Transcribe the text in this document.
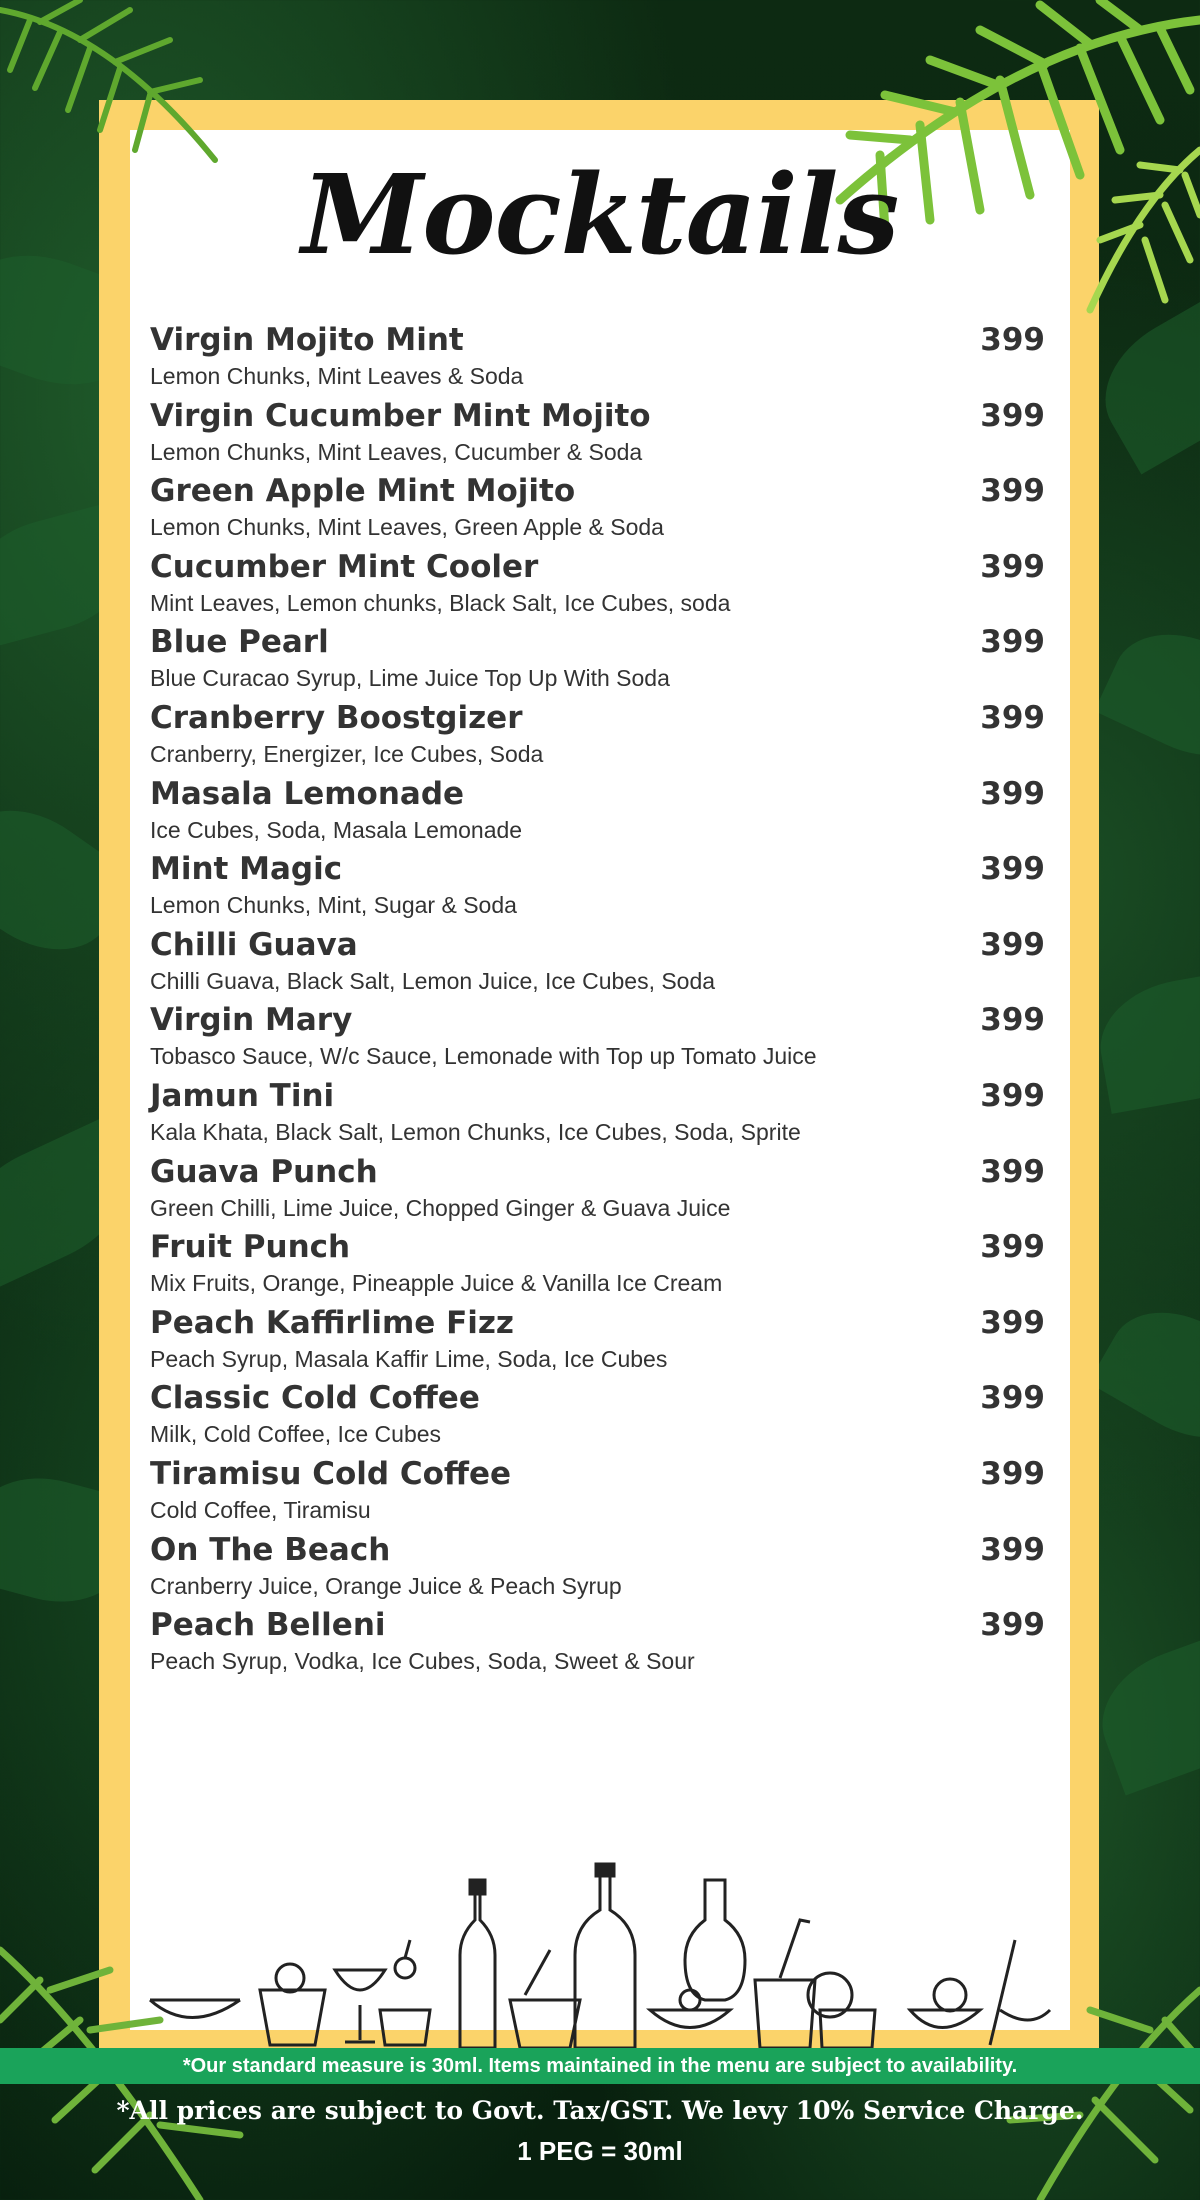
Mocktails
Virgin Mojito Mint	399
Lemon Chunks, Mint Leaves & Soda
Virgin Cucumber Mint Mojito	399
Lemon Chunks, Mint Leaves, Cucumber & Soda
Green Apple Mint Mojito	399
Lemon Chunks, Mint Leaves, Green Apple & Soda
Cucumber Mint Cooler	399
Mint Leaves, Lemon chunks, Black Salt, Ice Cubes, soda
Blue Pearl	399
Blue Curacao Syrup, Lime Juice Top Up With Soda
Cranberry Boostgizer	399
Cranberry, Energizer, Ice Cubes, Soda
Masala Lemonade	399
Ice Cubes, Soda, Masala Lemonade
Mint Magic	399
Lemon Chunks, Mint, Sugar & Soda
Chilli Guava	399
Chilli Guava, Black Salt, Lemon Juice, Ice Cubes, Soda
Virgin Mary	399
Tobasco Sauce, W/c Sauce, Lemonade with Top up Tomato Juice
Jamun Tini	399
Kala Khata, Black Salt, Lemon Chunks, Ice Cubes, Soda, Sprite
Guava Punch	399
Green Chilli, Lime Juice, Chopped Ginger & Guava Juice
Fruit Punch	399
Mix Fruits, Orange, Pineapple Juice & Vanilla Ice Cream
Peach Kaffirlime Fizz	399
Peach Syrup, Masala Kaffir Lime, Soda, Ice Cubes
Classic Cold Coffee	399
Milk, Cold Coffee, Ice Cubes
Tiramisu Cold Coffee	399
Cold Coffee, Tiramisu
On The Beach	399
Cranberry Juice, Orange Juice & Peach Syrup
Peach Belleni	399
Peach Syrup, Vodka, Ice Cubes, Soda, Sweet & Sour
*Our standard measure is 30ml. Items maintained in the menu are subject to availability.
*All prices are subject to Govt. Tax/GST. We levy 10% Service Charge.
1 PEG = 30ml
